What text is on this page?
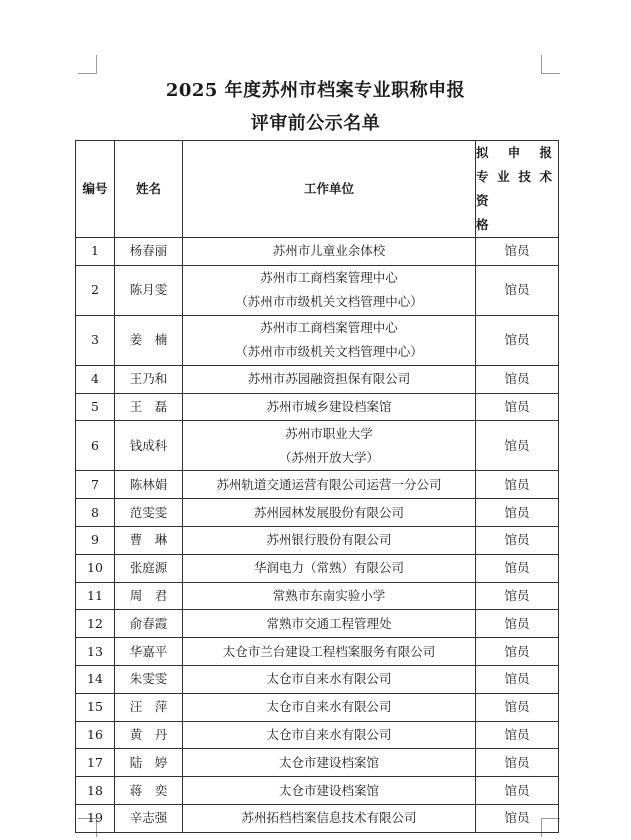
2025 年度苏州市档案专业职称申报
评审前公示名单
编号	姓名	工作单位	拟 申 报
专 业 技 术 资
格

1	杨春丽	苏州市儿童业余体校	馆员
2	陈月雯	苏州市工商档案管理中心
（苏州市市级机关文档管理中心）	馆员
3	姜　楠	苏州市工商档案管理中心
（苏州市市级机关文档管理中心）	馆员
4	王乃和	苏州市苏园融资担保有限公司	馆员
5	王　磊	苏州市城乡建设档案馆	馆员
6	钱成科	苏州市职业大学
（苏州开放大学）	馆员
7	陈林娟	苏州轨道交通运营有限公司运营一分公司	馆员
8	范雯雯	苏州园林发展股份有限公司	馆员
9	曹　琳	苏州银行股份有限公司	馆员
10	张庭源	华润电力（常熟）有限公司	馆员
11	周　君	常熟市东南实验小学	馆员
12	俞春霞	常熟市交通工程管理处	馆员
13	华嘉平	太仓市兰台建设工程档案服务有限公司	馆员
14	朱雯雯	太仓市自来水有限公司	馆员
15	汪　萍	太仓市自来水有限公司	馆员
16	黄　丹	太仓市自来水有限公司	馆员
17	陆　婷	太仓市建设档案馆	馆员
18	蒋　奕	太仓市建设档案馆	馆员
19	辛志强	苏州拓档档案信息技术有限公司	馆员
